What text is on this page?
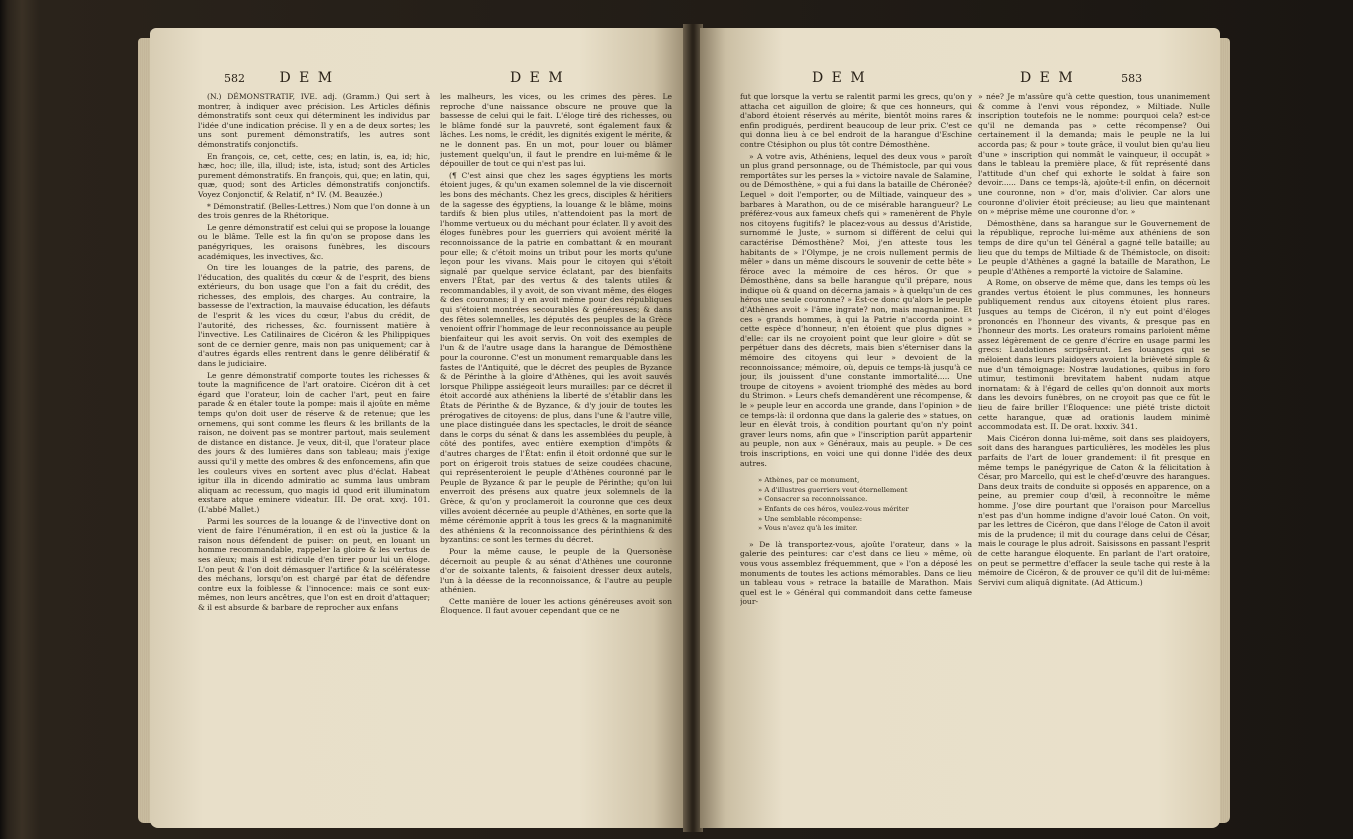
582 D E M	D E M

(N.) DÉMONSTRATIF, IVE. adj. (Gramm.) Qui sert à montrer, à indiquer avec précision. Les Articles définis démonstratifs sont ceux qui déterminent les individus par l'idée d'une indication précise. Il y en a de deux sortes; les uns sont purement démonstratifs, les autres sont démonstratifs conjonctifs.

En françois, ce, cet, cette, ces; en latin, is, ea, id; hic, hæc, hoc; ille, illa, illud; iste, ista, istud; sont des Articles purement démonstratifs. En françois, qui, que; en latin, qui, quæ, quod; sont des Articles démonstratifs conjonctifs. Voyez Conjonctif, & Relatif, n° IV. (M. Beauzée.)

* Démonstratif. (Belles-Lettres.) Nom que l'on donne à un des trois genres de la Rhétorique.

Le genre démonstratif est celui qui se propose la louange ou le blâme. Telle est la fin qu'on se propose dans les panégyriques, les oraisons funèbres, les discours académiques, les invectives, &c.

On tire les louanges de la patrie, des parens, de l'éducation, des qualités du cœur & de l'esprit, des biens extérieurs, du bon usage que l'on a fait du crédit, des richesses, des emplois, des charges. Au contraire, la bassesse de l'extraction, la mauvaise éducation, les défauts de l'esprit & les vices du cœur, l'abus du crédit, de l'autorité, des richesses, &c. fournissent matière à l'invective. Les Catilinaires de Cicéron & les Philippiques sont de ce dernier genre, mais non pas uniquement; car à d'autres égards elles rentrent dans le genre délibératif & dans le judiciaire.

Le genre démonstratif comporte toutes les richesses & toute la magnificence de l'art oratoire. Cicéron dit à cet égard que l'orateur, loin de cacher l'art, peut en faire parade & en étaler toute la pompe: mais il ajoûte en même temps qu'on doit user de réserve & de retenue; que les ornemens, qui sont comme les fleurs & les brillants de la raison, ne doivent pas se montrer partout, mais seulement de distance en distance. Je veux, dit-il, que l'orateur place des jours & des lumières dans son tableau; mais j'exige aussi qu'il y mette des ombres & des enfoncemens, afin que les couleurs vives en sortent avec plus d'éclat. Habeat igitur illa in dicendo admiratio ac summa laus umbram aliquam ac recessum, quo magis id quod erit illuminatum exstare atque eminere videatur. III. De orat. xxvj. 101. (L'abbé Mallet.)

Parmi les sources de la louange & de l'invective dont on vient de faire l'énumération, il en est où la justice & la raison nous défendent de puiser: on peut, en louant un homme recommandable, rappeler la gloire & les vertus de ses aïeux; mais il est ridicule d'en tirer pour lui un éloge. L'on peut & l'on doit démasquer l'artifice & la scélératesse des méchans, lorsqu'on est chargé par état de défendre contre eux la foiblesse & l'innocence: mais ce sont eux-mêmes, non leurs ancêtres, que l'on est en droit d'attaquer; & il est absurde & barbare de reprocher aux enfans

les malheurs, les vices, ou les crimes des pères. Le reproche d'une naissance obscure ne prouve que la bassesse de celui qui le fait. L'éloge tiré des richesses, ou le blâme fondé sur la pauvreté, sont également faux & lâches. Les noms, le crédit, les dignités exigent le mérite, & ne le donnent pas. En un mot, pour louer ou blâmer justement quelqu'un, il faut le prendre en lui-même & le dépouiller de tout ce qui n'est pas lui.

(¶ C'est ainsi que chez les sages égyptiens les morts étoient juges, & qu'un examen solemnel de la vie discernoit les bons des méchants. Chez les grecs, disciples & héritiers de la sagesse des égyptiens, la louange & le blâme, moins tardifs & bien plus utiles, n'attendoient pas la mort de l'homme vertueux ou du méchant pour éclater. Il y avoit des éloges funèbres pour les guerriers qui avoient mérité la reconnoissance de la patrie en combattant & en mourant pour elle; & c'étoit moins un tribut pour les morts qu'une leçon pour les vivans. Mais pour le citoyen qui s'étoit signalé par quelque service éclatant, par des bienfaits envers l'État, par des vertus & des talents utiles & recommandables, il y avoit, de son vivant même, des éloges & des couronnes; il y en avoit même pour des républiques qui s'étoient montrées secourables & généreuses; & dans des fêtes solemnelles, les députés des peuples de la Grèce venoient offrir l'hommage de leur reconnoissance au peuple bienfaiteur qui les avoit servis. On voit des exemples de l'un & de l'autre usage dans la harangue de Démosthène pour la couronne. C'est un monument remarquable dans les fastes de l'Antiquité, que le décret des peuples de Byzance & de Périnthe à la gloire d'Athènes, qui les avoit sauvés lorsque Philippe assiégeoit leurs murailles: par ce décret il étoit accordé aux athéniens la liberté de s'établir dans les États de Périnthe & de Byzance, & d'y jouir de toutes les prérogatives de citoyens: de plus, dans l'une & l'autre ville, une place distinguée dans les spectacles, le droit de séance dans le corps du sénat & dans les assemblées du peuple, à côté des pontifes, avec entière exemption d'impôts & d'autres charges de l'État: enfin il étoit ordonné que sur le port on érigeroit trois statues de seize coudées chacune, qui représenteroient le peuple d'Athènes couronné par le Peuple de Byzance & par le peuple de Périnthe; qu'on lui enverroit des présens aux quatre jeux solemnels de la Grèce, & qu'on y proclameroit la couronne que ces deux villes avoient décernée au peuple d'Athènes, en sorte que la même cérémonie apprît à tous les grecs & la magnanimité des athéniens & la reconnoissance des périnthiens & des byzantins: ce sont les termes du décret.

Pour la même cause, le peuple de la Quersonèse décernoit au peuple & au sénat d'Athènes une couronne d'or de soixante talents, & faisoient dresser deux autels, l'un à la déesse de la reconnoissance, & l'autre au peuple athénien.

Cette manière de louer les actions généreuses avoit son Éloquence. Il faut avouer cependant que ce ne

D E M	D E M	583

fut que lorsque la vertu se ralentit parmi les grecs, qu'on y attacha cet aiguillon de gloire; & que ces honneurs, qui d'abord étoient réservés au mérite, bientôt moins rares & enfin prodigués, perdirent beaucoup de leur prix. C'est ce qui donna lieu à ce bel endroit de la harangue d'Eschine contre Ctésiphon ou plus tôt contre Démosthène.

» A votre avis, Athéniens, lequel des deux vous » paroît un plus grand personnage, ou de Thémistocle, par qui vous remportâtes sur les perses la » victoire navale de Salamine, ou de Démosthène, » qui a fui dans la bataille de Chéronée? Lequel » doit l'emporter, ou de Miltiade, vainqueur des » barbares à Marathon, ou de ce misérable harangueur? Le préférez-vous aux fameux chefs qui » ramenèrent de Phyle nos citoyens fugitifs? le placez-vous au dessus d'Aristide, surnommé le Juste, » surnom si différent de celui qui caractérise Démosthène? Moi, j'en atteste tous les habitants de » l'Olympe, je ne crois nullement permis de mêler » dans un même discours le souvenir de cette bête » féroce avec la mémoire de ces héros. Or que » Démosthène, dans sa belle harangue qu'il prépare, nous indique où & quand on décerna jamais » à quelqu'un de ces héros une seule couronne? » Est-ce donc qu'alors le peuple d'Athènes avoit » l'âme ingrate? non, mais magnanime. Et ces » grands hommes, à qui la Patrie n'accorda point » cette espèce d'honneur, n'en étoient que plus dignes » d'elle: car ils ne croyoient point que leur gloire » dût se perpétuer dans des décrets, mais bien s'éterniser dans la mémoire des citoyens qui leur » devoient de la reconnoissance; mémoire, où, depuis ce temps-là jusqu'à ce jour, ils jouissent d'une constante immortalité..... Une troupe de citoyens » avoient triomphé des mèdes au bord du Strimon. » Leurs chefs demandèrent une récompense, & le » peuple leur en accorda une grande, dans l'opinion » de ce temps-là: il ordonna que dans la galerie des » statues, on leur en élevât trois, à condition pourtant qu'on n'y point graver leurs noms, afin que » l'inscription parût appartenir au peuple, non aux » Généraux, mais au peuple. » De ces trois inscriptions, en voici une qui donne l'idée des deux autres.

» Athènes, par ce monument,

» A d'illustres guerriers veut éternellement

» Consacrer sa reconnoissance.

» Enfants de ces héros, voulez-vous mériter

» Une semblable récompense:

» Vous n'avez qu'à les imiter.

» De là transportez-vous, ajoûte l'orateur, dans » la galerie des peintures: car c'est dans ce lieu » même, où vous vous assemblez fréquemment, que » l'on a déposé les monuments de toutes les actions mémorables. Dans ce lieu un tableau vous » retrace la bataille de Marathon. Mais quel est le » Général qui commandoit dans cette fameuse jour-

» née? Je m'assûre qu'à cette question, tous unanimement & comme à l'envi vous répondez, » Miltiade. Nulle inscription toutefois ne le nomme: pourquoi cela? est-ce qu'il ne demanda pas » cette récompense? Oui certainement il la demanda; mais le peuple ne la lui accorda pas; & pour » toute grâce, il voulut bien qu'au lieu d'une » inscription qui nommât le vainqueur, il occupât » dans le tableau la première place, & fût représenté dans l'attitude d'un chef qui exhorte le soldat à faire son devoir...... Dans ce temps-là, ajoûte-t-il enfin, on décernoit une couronne, non » d'or, mais d'olivier. Car alors une couronne d'olivier étoit précieuse; au lieu que maintenant on » méprise même une couronne d'or. »

Démosthène, dans sa harangue sur le Gouvernement de la république, reproche lui-même aux athéniens de son temps de dire qu'un tel Général a gagné telle bataille; au lieu que du temps de Miltiade & de Thémistocle, on disoit: Le peuple d'Athènes a gagné la bataille de Marathon, Le peuple d'Athènes a remporté la victoire de Salamine.

A Rome, on observe de même que, dans les temps où les grandes vertus étoient le plus communes, les honneurs publiquement rendus aux citoyens étoient plus rares. Jusques au temps de Cicéron, il n'y eut point d'éloges prononcés en l'honneur des vivants, & presque pas en l'honneur des morts. Les orateurs romains parloient même assez légèrement de ce genre d'écrire en usage parmi les grecs: Laudationes scripsêrunt. Les louanges qui se méloient dans leurs plaidoyers avoient la brièveté simple & nue d'un témoignage: Nostræ laudationes, quibus in foro utimur, testimonii brevitatem habent nudam atque inornatam: & à l'égard de celles qu'on donnoit aux morts dans les devoirs funèbres, on ne croyoit pas que ce fût le lieu de faire briller l'Éloquence: une piété triste dictoit cette harangue, quæ ad orationis laudem minimè accommodata est. II. De orat. lxxxiv. 341.

Mais Cicéron donna lui-même, soit dans ses plaidoyers, soit dans des harangues particulières, les modèles les plus parfaits de l'art de louer grandement: il fit presque en même temps le panégyrique de Caton & la félicitation à César, pro Marcello, qui est le chef-d'œuvre des harangues. Dans deux traits de conduite si opposés en apparence, on a peine, au premier coup d'œil, à reconnoître le même homme. J'ose dire pourtant que l'oraison pour Marcellus n'est pas d'un homme indigne d'avoir loué Caton. On voit, par les lettres de Cicéron, que dans l'éloge de Caton il avoit mis de la prudence; il mit du courage dans celui de César, mais le courage le plus adroit. Saisissons en passant l'esprit de cette harangue éloquente. En parlant de l'art oratoire, on peut se permettre d'effacer la seule tache qui reste à la mémoire de Cicéron, & de prouver ce qu'il dit de lui-même: Servivi cum aliquâ dignitate. (Ad Atticum.)
